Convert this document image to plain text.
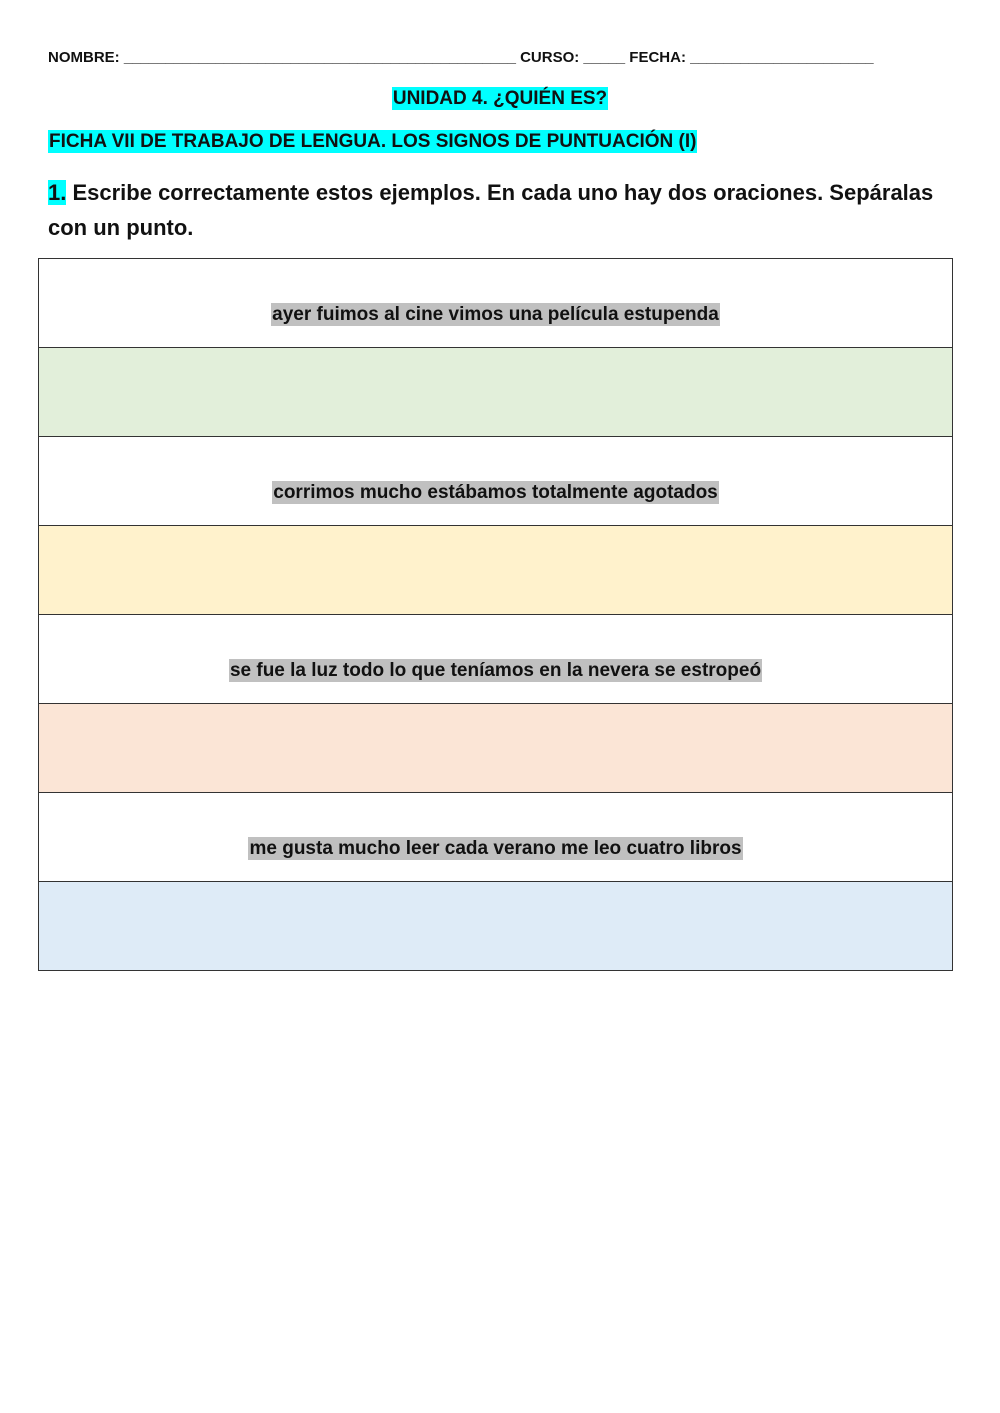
NOMBRE: _______________________________________________ CURSO: _____ FECHA: ______________________
UNIDAD 4. ¿QUIÉN ES?
FICHA VII DE TRABAJO DE LENGUA. LOS SIGNOS DE PUNTUACIÓN (I)
1. Escribe correctamente estos ejemplos. En cada uno hay dos oraciones. Sepáralas con un punto.
ayer fuimos al cine vimos una película estupenda
corrimos mucho estábamos totalmente agotados
se fue la luz todo lo que teníamos en la nevera se estropeó
me gusta mucho leer cada verano me leo cuatro libros
